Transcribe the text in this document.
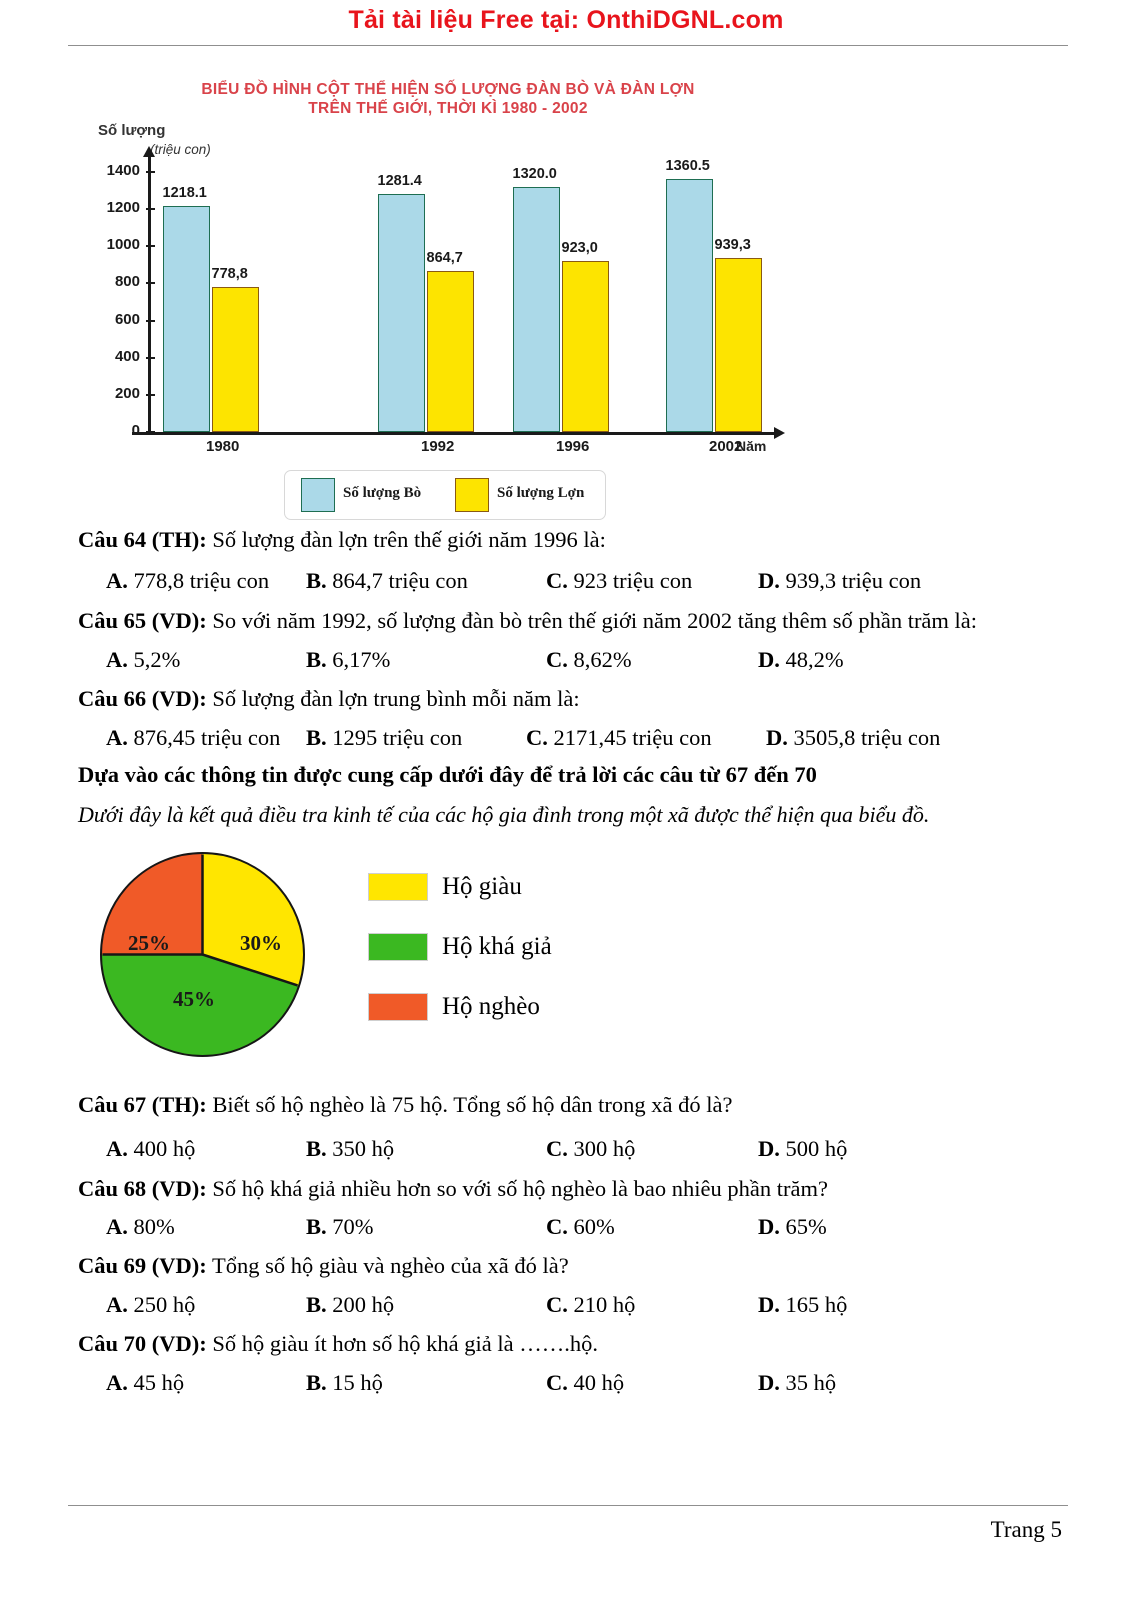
Tải tài liệu Free tại: OnthiDGNL.com
BIỂU ĐỒ HÌNH CỘT THỂ HIỆN SỐ LƯỢNG ĐÀN BÒ VÀ ĐÀN LỢN
TRÊN THẾ GIỚI, THỜI KÌ 1980 - 2002
Số lượng
(triệu con)
Năm
0
200
400
600
800
1000
1200
1400
1218.1
778,8
1281.4
864,7
1320.0
923,0
1360.5
939,3
1980	1992	1996	2002
Số lượng Bò	Số lượng Lợn
Câu 64 (TH): Số lượng đàn lợn trên thế giới năm 1996 là:
A. 778,8 triệu con B. 864,7 triệu con	C. 923 triệu con	D. 939,3 triệu con
Câu 65 (VD): So với năm 1992, số lượng đàn bò trên thế giới năm 2002 tăng thêm số phần trăm là:
A. 5,2%	B. 6,17%	C. 8,62%	D. 48,2%
Câu 66 (VD): Số lượng đàn lợn trung bình mỗi năm là:
A. 876,45 triệu con B. 1295 triệu con	C. 2171,45 triệu con D. 3505,8 triệu con
Dựa vào các thông tin được cung cấp dưới đây để trả lời các câu từ 67 đến 70
Dưới đây là kết quả điều tra kinh tế của các hộ gia đình trong một xã được thể hiện qua biểu đồ.
30%
45%
25%
Hộ giàu
Hộ khá giả
Hộ nghèo
Câu 67 (TH): Biết số hộ nghèo là 75 hộ. Tổng số hộ dân trong xã đó là?
A. 400 hộ	B. 350 hộ	C. 300 hộ	D. 500 hộ
Câu 68 (VD): Số hộ khá giả nhiều hơn so với số hộ nghèo là bao nhiêu phần trăm?
A. 80%	B. 70%	C. 60%	D. 65%
Câu 69 (VD): Tổng số hộ giàu và nghèo của xã đó là?
A. 250 hộ	B. 200 hộ	C. 210 hộ	D. 165 hộ
Câu 70 (VD): Số hộ giàu ít hơn số hộ khá giả là …….hộ.
A. 45 hộ	B. 15 hộ	C. 40 hộ	D. 35 hộ
Trang 5
